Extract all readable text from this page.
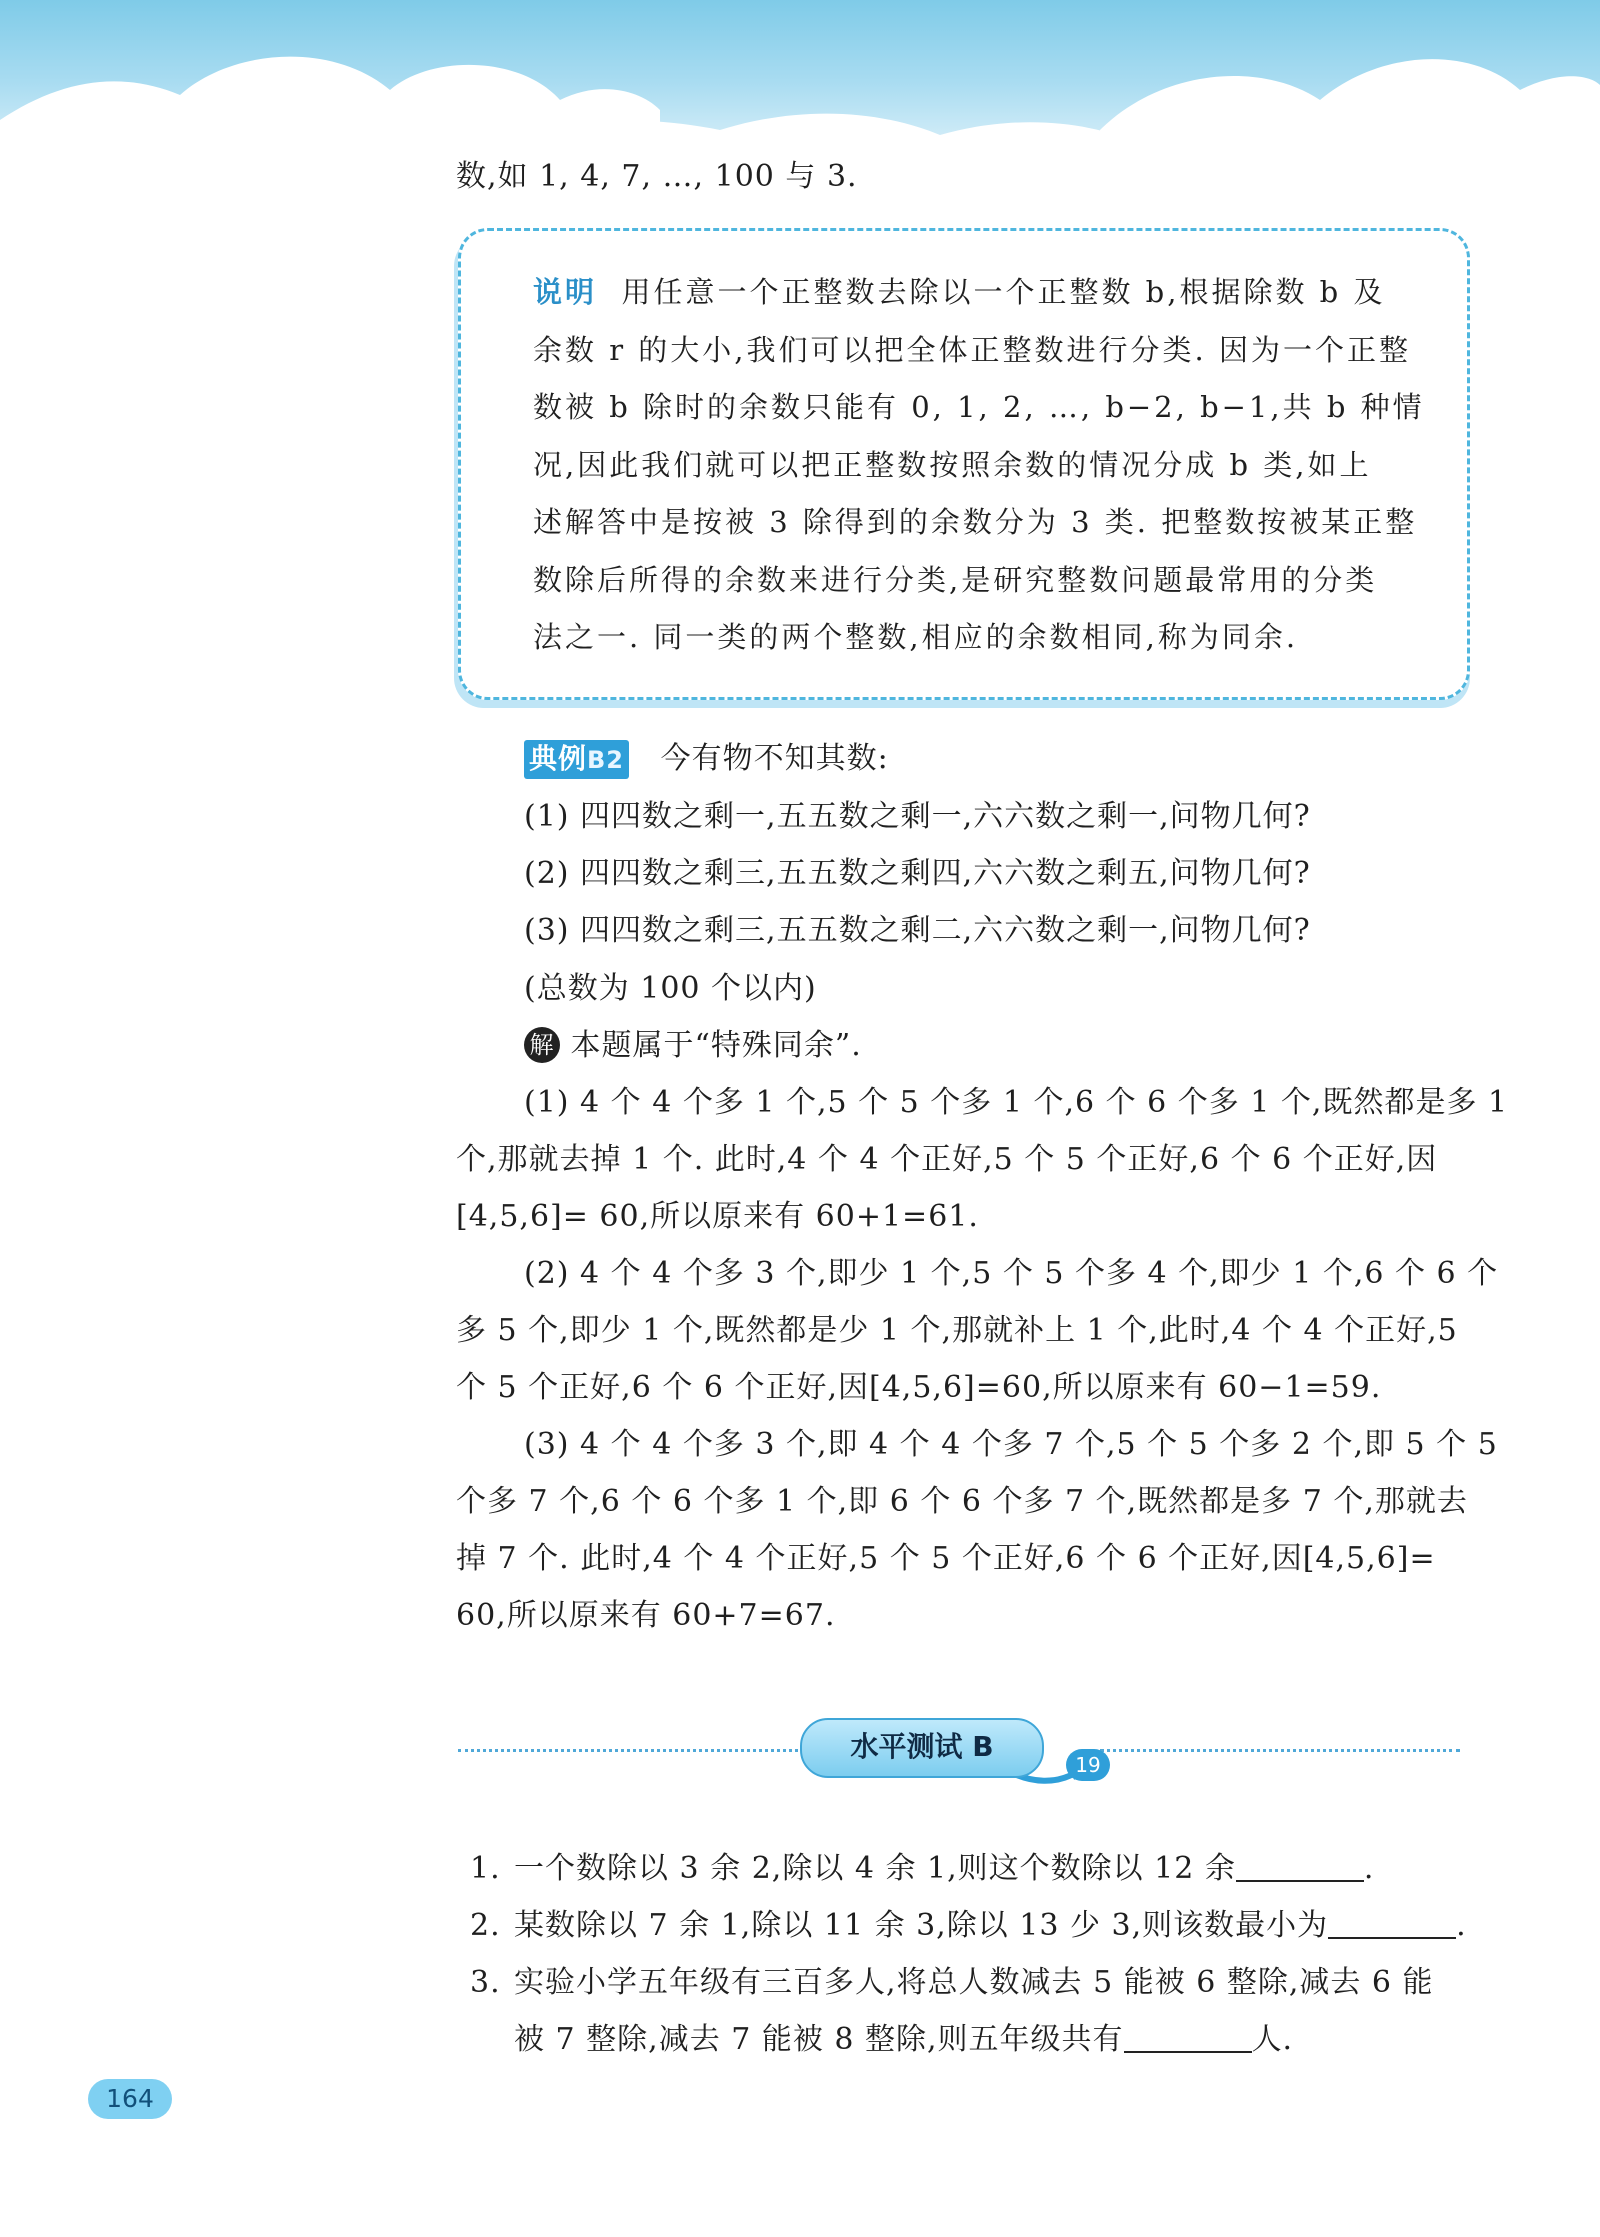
数,如 1, 4, 7, …, 100 与 3.
说明 用任意一个正整数去除以一个正整数 b,根据除数 b 及
余数 r 的大小,我们可以把全体正整数进行分类. 因为一个正整
数被 b 除时的余数只能有 0, 1, 2, …, b−2, b−1,共 b 种情
况,因此我们就可以把正整数按照余数的情况分成 b 类,如上
述解答中是按被 3 除得到的余数分为 3 类. 把整数按被某正整
数除后所得的余数来进行分类,是研究整数问题最常用的分类
法之一. 同一类的两个整数,相应的余数相同,称为同余.
典例B2 今有物不知其数:
(1) 四四数之剩一,五五数之剩一,六六数之剩一,问物几何?
(2) 四四数之剩三,五五数之剩四,六六数之剩五,问物几何?
(3) 四四数之剩三,五五数之剩二,六六数之剩一,问物几何?
(总数为 100 个以内)
解 本题属于“特殊同余”.
(1) 4 个 4 个多 1 个,5 个 5 个多 1 个,6 个 6 个多 1 个,既然都是多 1
个,那就去掉 1 个. 此时,4 个 4 个正好,5 个 5 个正好,6 个 6 个正好,因
[4,5,6]= 60,所以原来有 60+1=61.
(2) 4 个 4 个多 3 个,即少 1 个,5 个 5 个多 4 个,即少 1 个,6 个 6 个
多 5 个,即少 1 个,既然都是少 1 个,那就补上 1 个,此时,4 个 4 个正好,5
个 5 个正好,6 个 6 个正好,因[4,5,6]=60,所以原来有 60−1=59.
(3) 4 个 4 个多 3 个,即 4 个 4 个多 7 个,5 个 5 个多 2 个,即 5 个 5
个多 7 个,6 个 6 个多 1 个,即 6 个 6 个多 7 个,既然都是多 7 个,那就去
掉 7 个. 此时,4 个 4 个正好,5 个 5 个正好,6 个 6 个正好,因[4,5,6]=
60,所以原来有 60+7=67.
水平测试 B
19
1. 一个数除以 3 余 2,除以 4 余 1,则这个数除以 12 余	.
2. 某数除以 7 余 1,除以 11 余 3,除以 13 少 3,则该数最小为	.
3. 实验小学五年级有三百多人,将总人数减去 5 能被 6 整除,减去 6 能
被 7 整除,减去 7 能被 8 整除,则五年级共有	人.
164
